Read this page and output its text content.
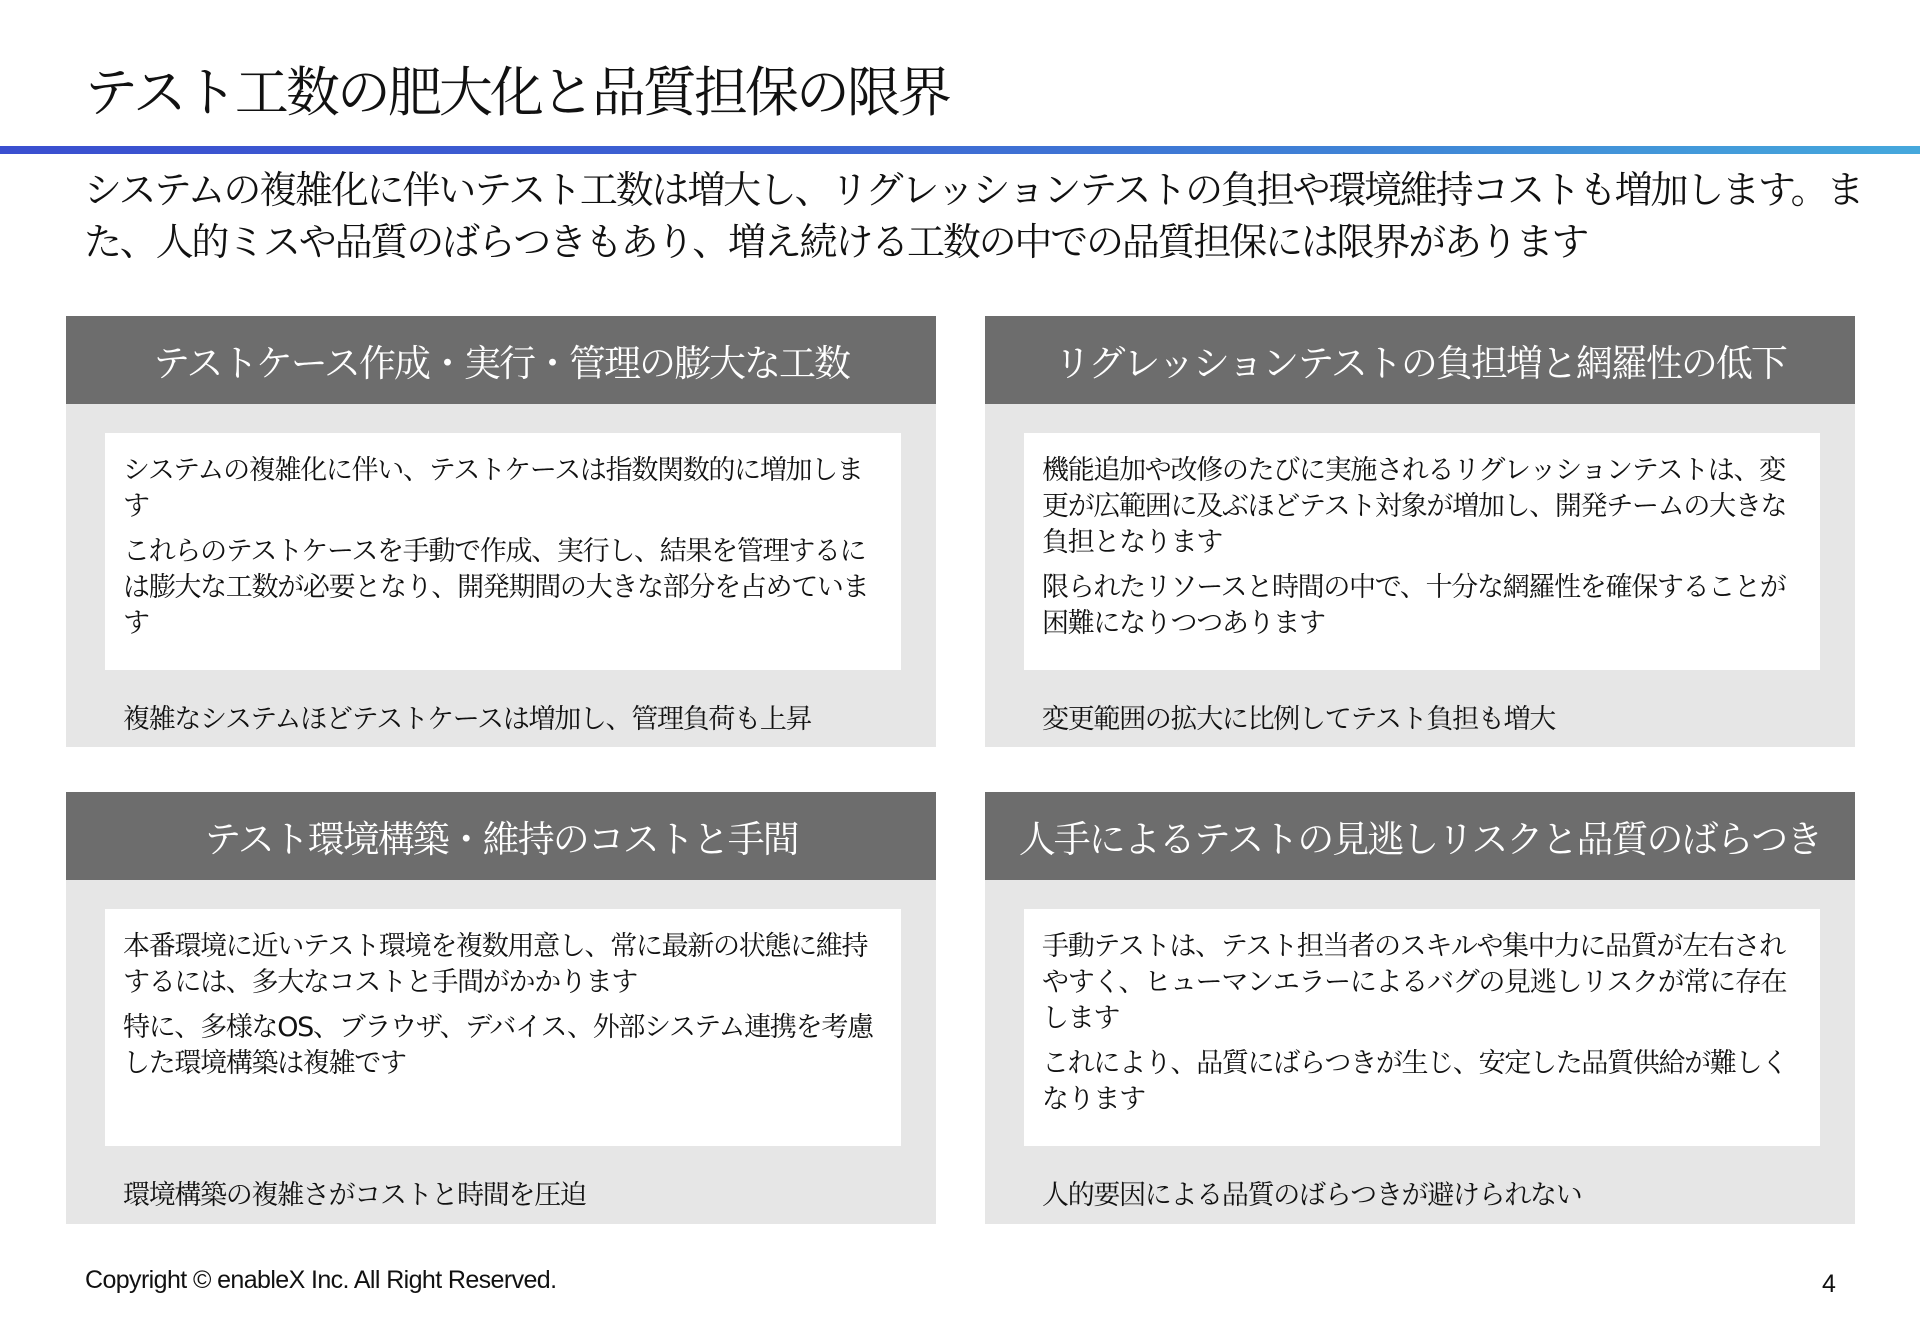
テスト工数の肥大化と品質担保の限界
システムの複雑化に伴いテスト工数は増大し、リグレッションテストの負担や環境維持コストも増加します。また、人的ミスや品質のばらつきもあり、増え続ける工数の中での品質担保には限界があります
テストケース作成・実行・管理の膨大な工数

システムの複雑化に伴い、テストケースは指数関数的に増加します

これらのテストケースを手動で作成、実行し、結果を管理するには膨大な工数が必要となり、開発期間の大きな部分を占めています

複雑なシステムほどテストケースは増加し、管理負荷も上昇
リグレッションテストの負担増と網羅性の低下

機能追加や改修のたびに実施されるリグレッションテストは、変更が広範囲に及ぶほどテスト対象が増加し、開発チームの大きな負担となります

限られたリソースと時間の中で、十分な網羅性を確保することが困難になりつつあります

変更範囲の拡大に比例してテスト負担も増大
テスト環境構築・維持のコストと手間

本番環境に近いテスト環境を複数用意し、常に最新の状態に維持するには、多大なコストと手間がかかります

特に、多様なOS、ブラウザ、デバイス、外部システム連携を考慮した環境構築は複雑です

環境構築の複雑さがコストと時間を圧迫
人手によるテストの見逃しリスクと品質のばらつき

手動テストは、テスト担当者のスキルや集中力に品質が左右されやすく、ヒューマンエラーによるバグの見逃しリスクが常に存在します

これにより、品質にばらつきが生じ、安定した品質供給が難しくなります

人的要因による品質のばらつきが避けられない
Copyright © enableX Inc. All Right Reserved.	4
